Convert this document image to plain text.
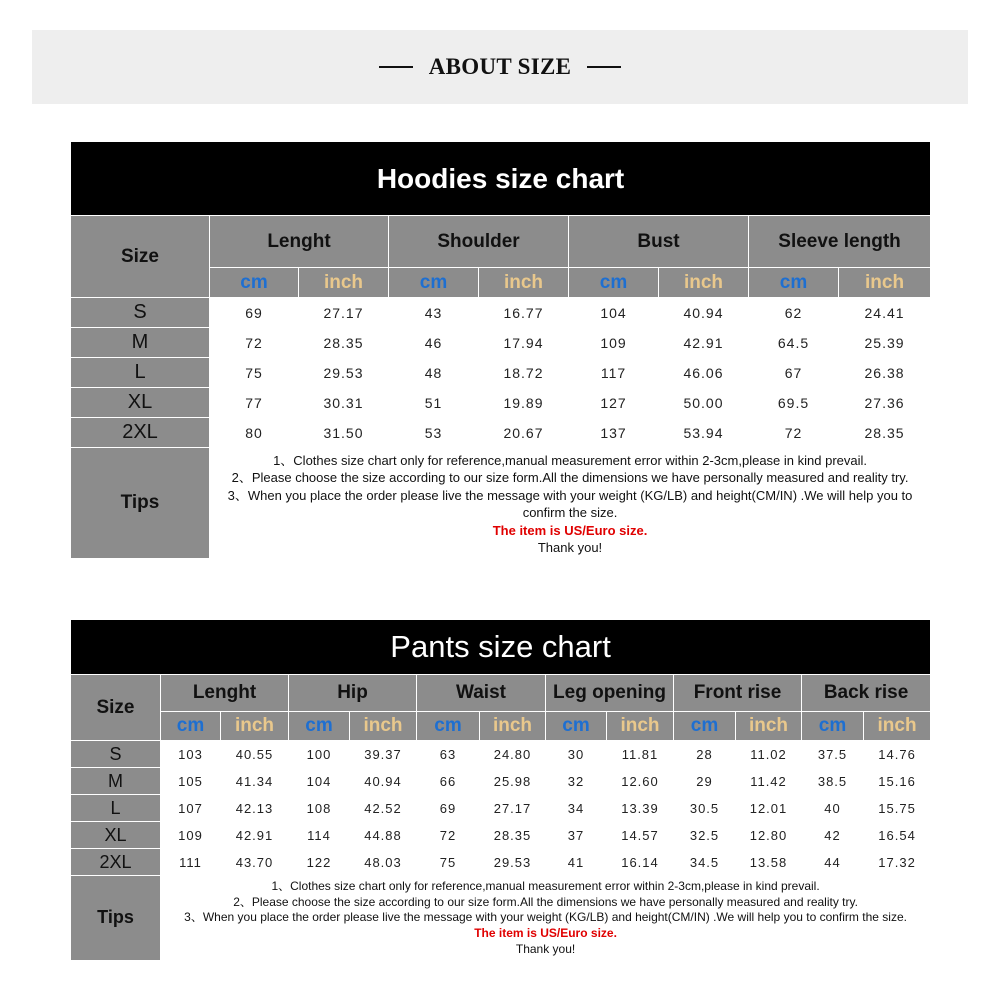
ABOUT SIZE
Hoodies size chart								
Size	Lenght		Shoulder		Bust		Sleeve length	
	cm	inch	cm	inch	cm	inch	cm	inch
S	69	27.17	43	16.77	104	40.94	62	24.41
M	72	28.35	46	17.94	109	42.91	64.5	25.39
L	75	29.53	48	18.72	117	46.06	67	26.38
XL	77	30.31	51	19.89	127	50.00	69.5	27.36
2XL	80	31.50	53	20.67	137	53.94	72	28.35
Tips	1、Clothes size chart only for reference,manual measurement error within 2-3cm,please in kind prevail.
2、Please choose the size according to our size form.All the dimensions we have personally measured and reality try.
3、When you place the order please live the message with your weight (KG/LB) and height(CM/IN) .We will help you to confirm the size.
The item is US/Euro size.
Thank you!							
Pants size chart												
Size	Lenght		Hip		Waist		Leg opening		Front rise		Back rise	
	cm	inch	cm	inch	cm	inch	cm	inch	cm	inch	cm	inch
S	103	40.55	100	39.37	63	24.80	30	11.81	28	11.02	37.5	14.76
M	105	41.34	104	40.94	66	25.98	32	12.60	29	11.42	38.5	15.16
L	107	42.13	108	42.52	69	27.17	34	13.39	30.5	12.01	40	15.75
XL	109	42.91	114	44.88	72	28.35	37	14.57	32.5	12.80	42	16.54
2XL	111	43.70	122	48.03	75	29.53	41	16.14	34.5	13.58	44	17.32
Tips	1、Clothes size chart only for reference,manual measurement error within 2-3cm,please in kind prevail.
2、Please choose the size according to our size form.All the dimensions we have personally measured and reality try.
3、When you place the order please live the message with your weight (KG/LB) and height(CM/IN) .We will help you to confirm the size.
The item is US/Euro size.
Thank you!											
